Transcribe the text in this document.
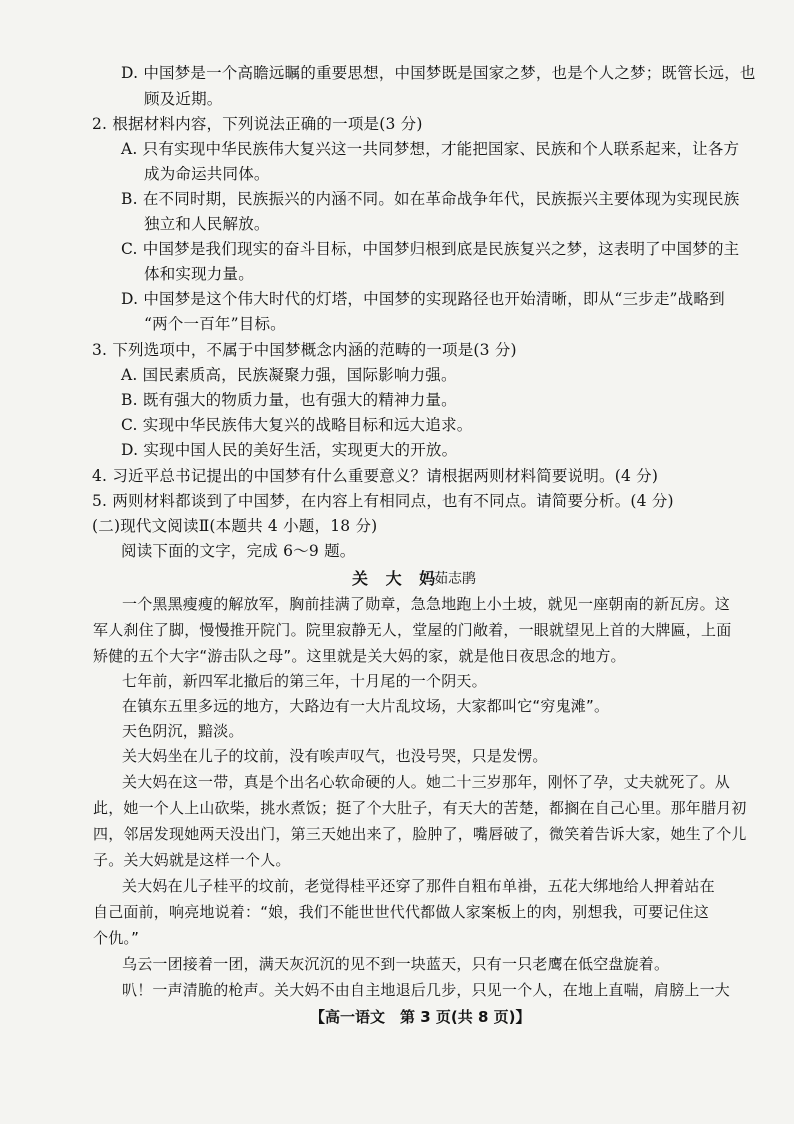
D. 中国梦是一个高瞻远瞩的重要思想，中国梦既是国家之梦，也是个人之梦；既管长远，也
顾及近期。
2. 根据材料内容，下列说法正确的一项是(3 分)
A. 只有实现中华民族伟大复兴这一共同梦想，才能把国家、民族和个人联系起来，让各方
成为命运共同体。
B. 在不同时期，民族振兴的内涵不同。如在革命战争年代，民族振兴主要体现为实现民族
独立和人民解放。
C. 中国梦是我们现实的奋斗目标，中国梦归根到底是民族复兴之梦，这表明了中国梦的主
体和实现力量。
D. 中国梦是这个伟大时代的灯塔，中国梦的实现路径也开始清晰，即从“三步走”战略到
“两个一百年”目标。
3. 下列选项中，不属于中国梦概念内涵的范畴的一项是(3 分)
A. 国民素质高，民族凝聚力强，国际影响力强。
B. 既有强大的物质力量，也有强大的精神力量。
C. 实现中华民族伟大复兴的战略目标和远大追求。
D. 实现中国人民的美好生活，实现更大的开放。
4. 习近平总书记提出的中国梦有什么重要意义？请根据两则材料简要说明。(4 分)
5. 两则材料都谈到了中国梦，在内容上有相同点，也有不同点。请简要分析。(4 分)
(二)现代文阅读Ⅱ(本题共 4 小题，18 分)
阅读下面的文字，完成 6～9 题。
关 大 妈
茹志鹃
一个黑黑瘦瘦的解放军，胸前挂满了勋章，急急地跑上小土坡，就见一座朝南的新瓦房。这
军人刹住了脚，慢慢推开院门。院里寂静无人，堂屋的门敞着，一眼就望见上首的大牌匾，上面
矫健的五个大字“游击队之母”。这里就是关大妈的家，就是他日夜思念的地方。
七年前，新四军北撤后的第三年，十月尾的一个阴天。
在镇东五里多远的地方，大路边有一大片乱坟场，大家都叫它“穷鬼滩”。
天色阴沉，黯淡。
关大妈坐在儿子的坟前，没有唉声叹气，也没号哭，只是发愣。
关大妈在这一带，真是个出名心软命硬的人。她二十三岁那年，刚怀了孕，丈夫就死了。从
此，她一个人上山砍柴，挑水煮饭；挺了个大肚子，有天大的苦楚，都搁在自己心里。那年腊月初
四，邻居发现她两天没出门，第三天她出来了，脸肿了，嘴唇破了，微笑着告诉大家，她生了个儿
子。关大妈就是这样一个人。
关大妈在儿子桂平的坟前，老觉得桂平还穿了那件自粗布单褂，五花大绑地给人押着站在
自己面前，响亮地说着：“娘，我们不能世世代代都做人家案板上的肉，别想我，可要记住这
个仇。”
乌云一团接着一团，满天灰沉沉的见不到一块蓝天，只有一只老鹰在低空盘旋着。
叭！一声清脆的枪声。关大妈不由自主地退后几步，只见一个人，在地上直喘，肩膀上一大
【高一语文　第 3 页(共 8 页)】
